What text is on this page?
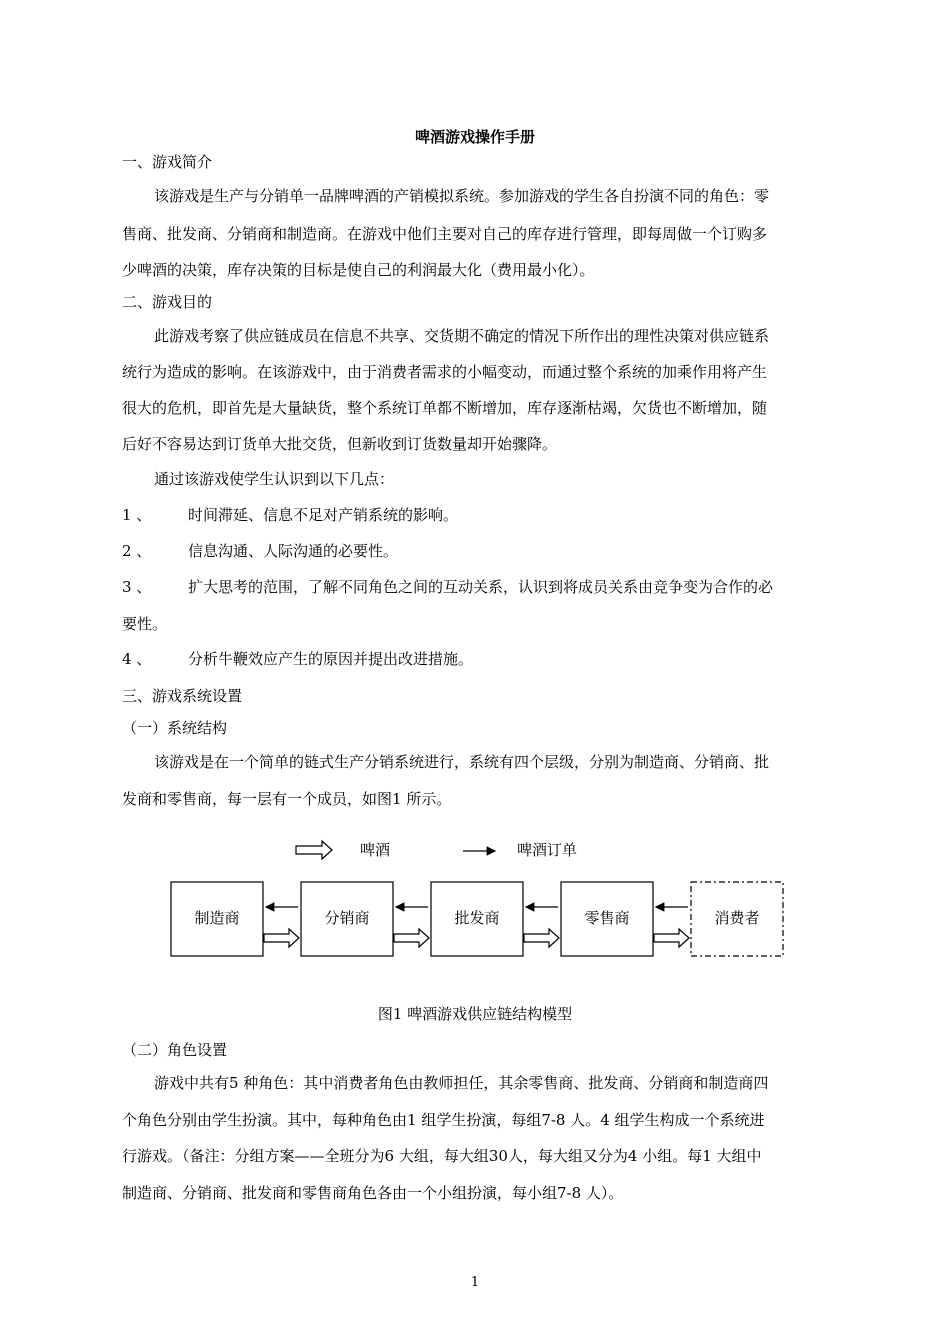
啤酒游戏操作手册
一、游戏简介
该游戏是生产与分销单一品牌啤酒的产销模拟系统。参加游戏的学生各自扮演不同的角色：零
售商、批发商、分销商和制造商。在游戏中他们主要对自己的库存进行管理，即每周做一个订购多
少啤酒的决策，库存决策的目标是使自己的利润最大化（费用最小化）。
二、游戏目的
此游戏考察了供应链成员在信息不共享、交货期不确定的情况下所作出的理性决策对供应链系
统行为造成的影响。在该游戏中，由于消费者需求的小幅变动，而通过整个系统的加乘作用将产生
很大的危机，即首先是大量缺货，整个系统订单都不断增加，库存逐渐枯竭，欠货也不断增加，随
后好不容易达到订货单大批交货，但新收到订货数量却开始骤降。
通过该游戏使学生认识到以下几点：
1 、 时间滞延、信息不足对产销系统的影响。
2 、 信息沟通、人际沟通的必要性。
3 、 扩大思考的范围，了解不同角色之间的互动关系，认识到将成员关系由竞争变为合作的必
要性。
4 、 分析牛鞭效应产生的原因并提出改进措施。
三、游戏系统设置
（一）系统结构
该游戏是在一个简单的链式生产分销系统进行，系统有四个层级，分别为制造商、分销商、批
发商和零售商，每一层有一个成员，如图1 所示。
啤酒	啤酒订单
制造商	分销商	批发商	零售商	消费者
图1 啤酒游戏供应链结构模型
（二）角色设置
游戏中共有5 种角色：其中消费者角色由教师担任，其余零售商、批发商、分销商和制造商四
个角色分别由学生扮演。其中，每种角色由1 组学生扮演，每组7-8 人。4 组学生构成一个系统进
行游戏。（备注：分组方案——全班分为6 大组，每大组30人，每大组又分为4 小组。每1 大组中
制造商、分销商、批发商和零售商角色各由一个小组扮演，每小组7-8 人）。
1
